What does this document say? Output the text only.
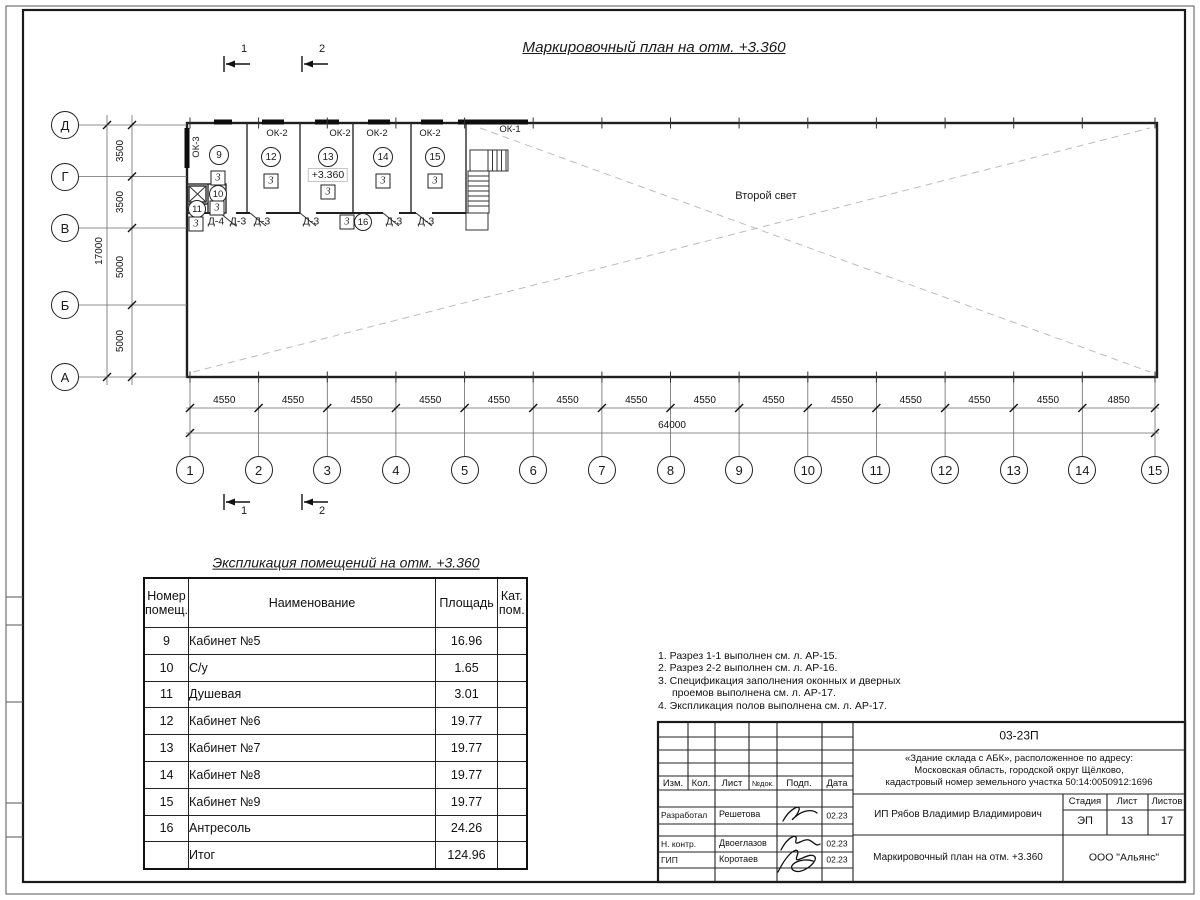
Маркировочный план на отм. +3.360
Экспликация помещений на отм. +3.360
ОК-2	ОК-2 ОК-2	ОК-2	ОК-1
ОК-3
Второй свет
9
3
10
3
11
3
12
3
13
+3.360
3
14
3
15
3
3 16
Д-4 Д-3 Д-3	Д-3	Д-3 Д-3
1	2
1	2
64000
17000
Номер
помещ.	Наименование	Площадь	Кат.
пом.
9	Кабинет №5	16.96	
10	С/у	1.65	
11	Душевая	3.01	
12	Кабинет №6	19.77	
13	Кабинет №7	19.77	
14	Кабинет №8	19.77	
15	Кабинет №9	19.77	
16	Антресоль	24.26	
	Итог	124.96	
1. Разрез 1-1 выполнен см. л. АР-15.
2. Разрез 2-2 выполнен см. л. АР-16.
3. Спецификация заполнения оконных и дверных
проемов выполнена см. л. АР-17.
4. Экспликация полов выполнена см. л. АР-17.
03-23П
«Здание склада с АБК», расположенное по адресу:
Московская область, городской округ Щёлково,
кадастровый номер земельного участка 50:14:0050912:1696
Изм. Кол. Лист №док. Подп. Дата
Разработал Решетова	02.23
Н. контр.	Двоеглазов	02.23
ГИП	Коротаев	02.23
ИП Рябов Владимир Владимирович
Стадия Лист Листов
ЭП	13	17
Маркировочный план на отм. +3.360	ООО "Альянс"
1	2	3	4	5	6	7	8	9	10	11	12	13	14	15
4550	4550	4550	4550	4550	4550	4550	4550	4550	4550	4550	4550	4550	4850
Д
Г
В
Б
А
3500
3500
5000
5000
